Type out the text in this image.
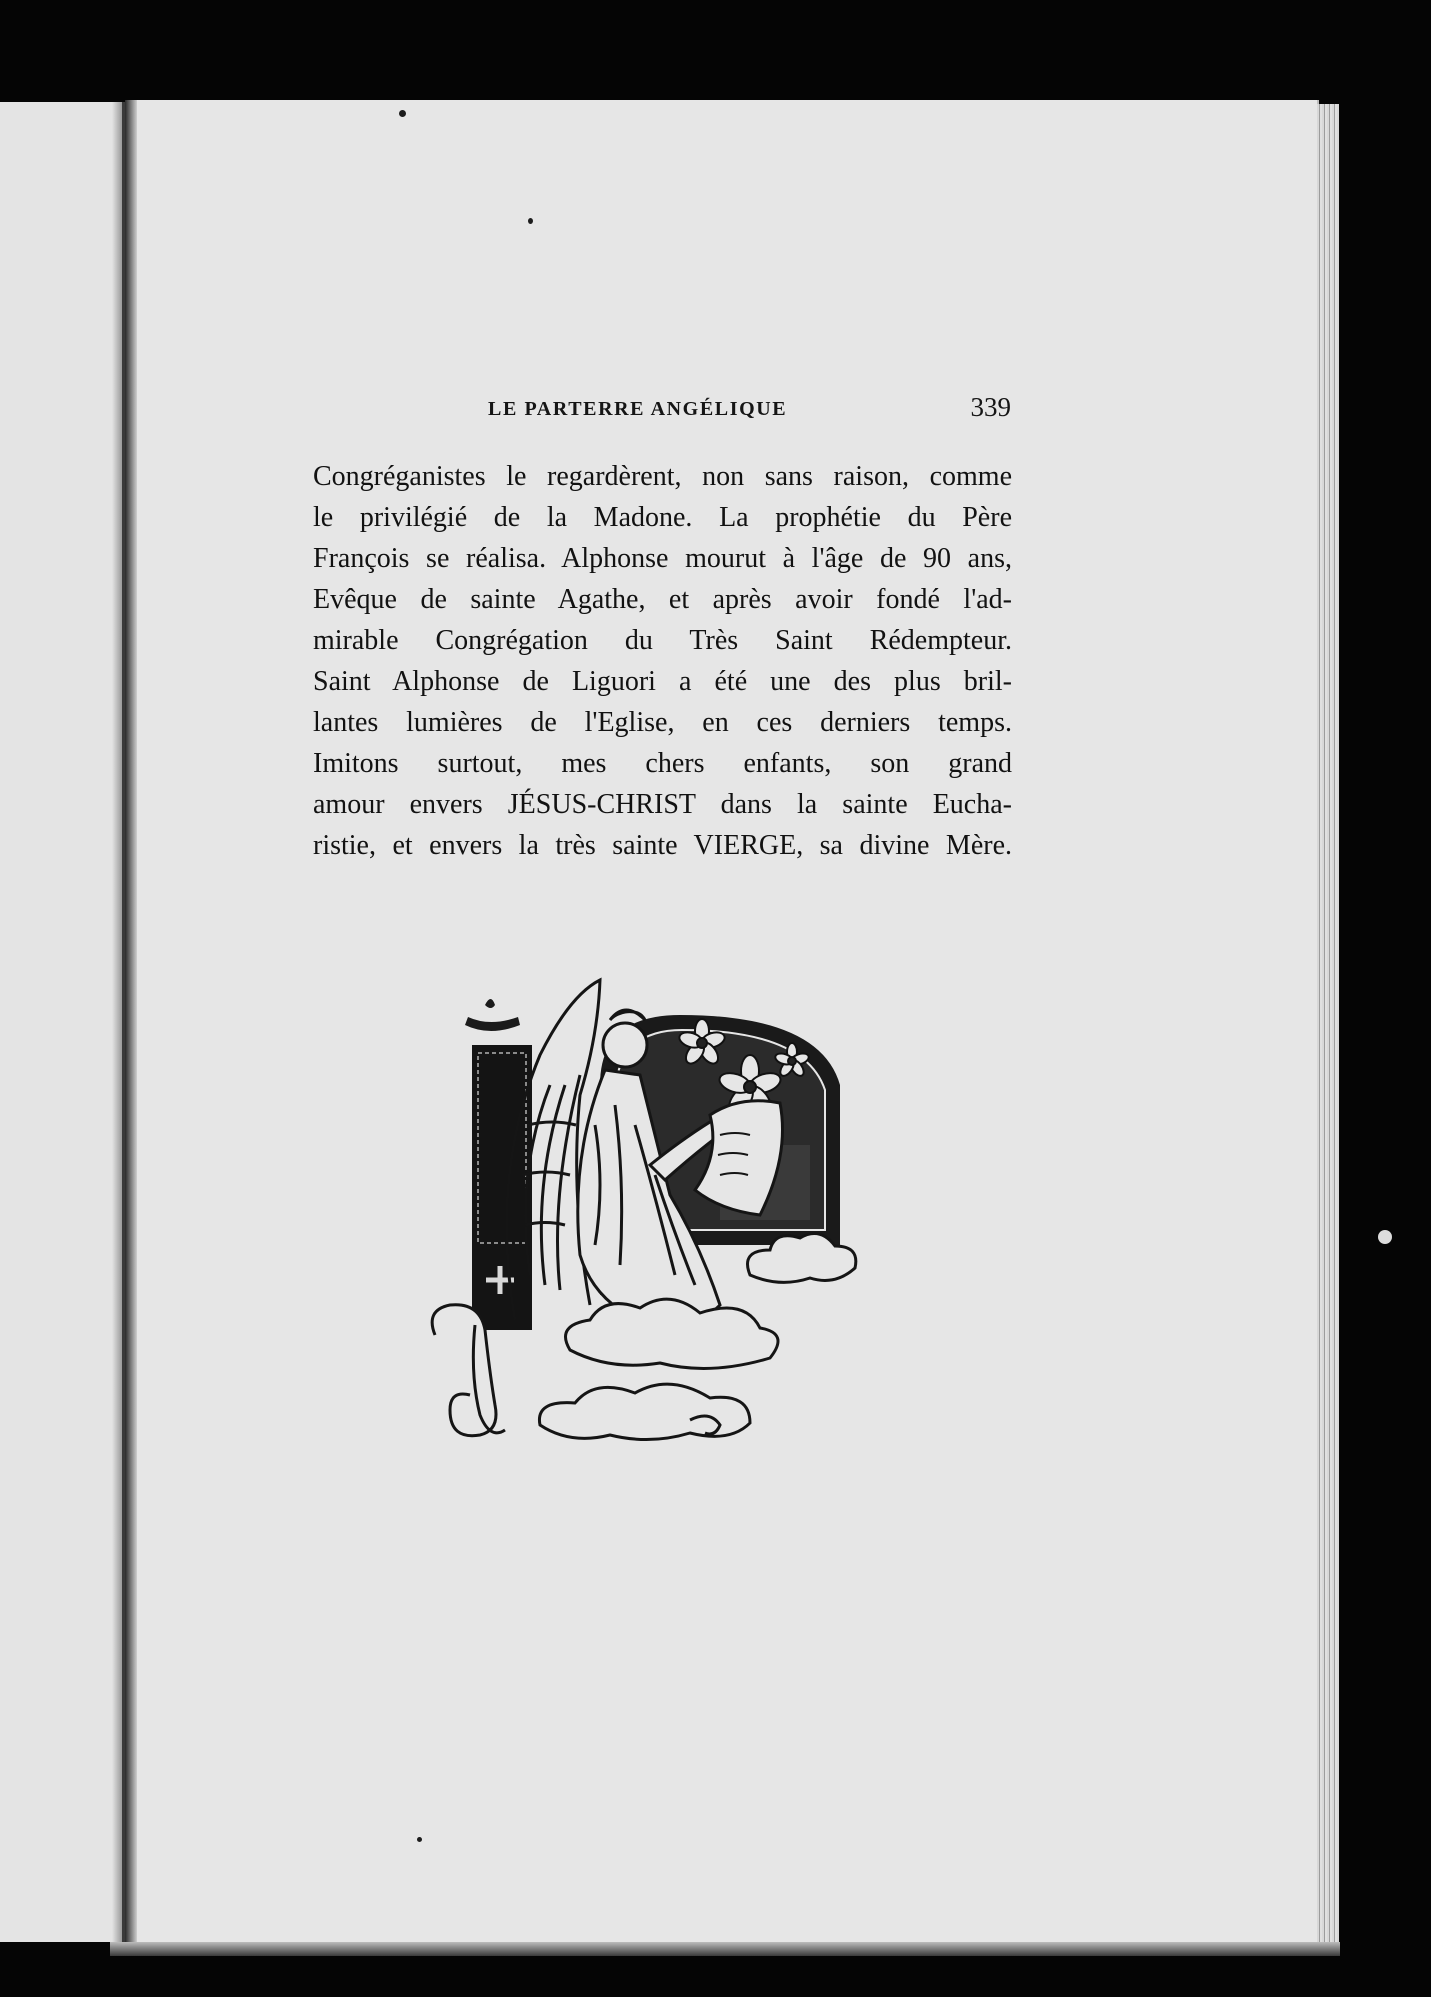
LE PARTERRE ANGÉLIQUE	339
Congréganistes le regardèrent, non sans raison, comme
le privilégié de la Madone. La prophétie du Père
François se réalisa. Alphonse mourut à l'âge de 90 ans,
Evêque de sainte Agathe, et après avoir fondé l'ad-
mirable Congrégation du Très Saint Rédempteur.
Saint Alphonse de Liguori a été une des plus bril-
lantes lumières de l'Eglise, en ces derniers temps.
Imitons surtout, mes chers enfants, son grand
amour envers JÉSUS-CHRIST dans la sainte Eucha-
ristie, et envers la très sainte VIERGE, sa divine Mère.
